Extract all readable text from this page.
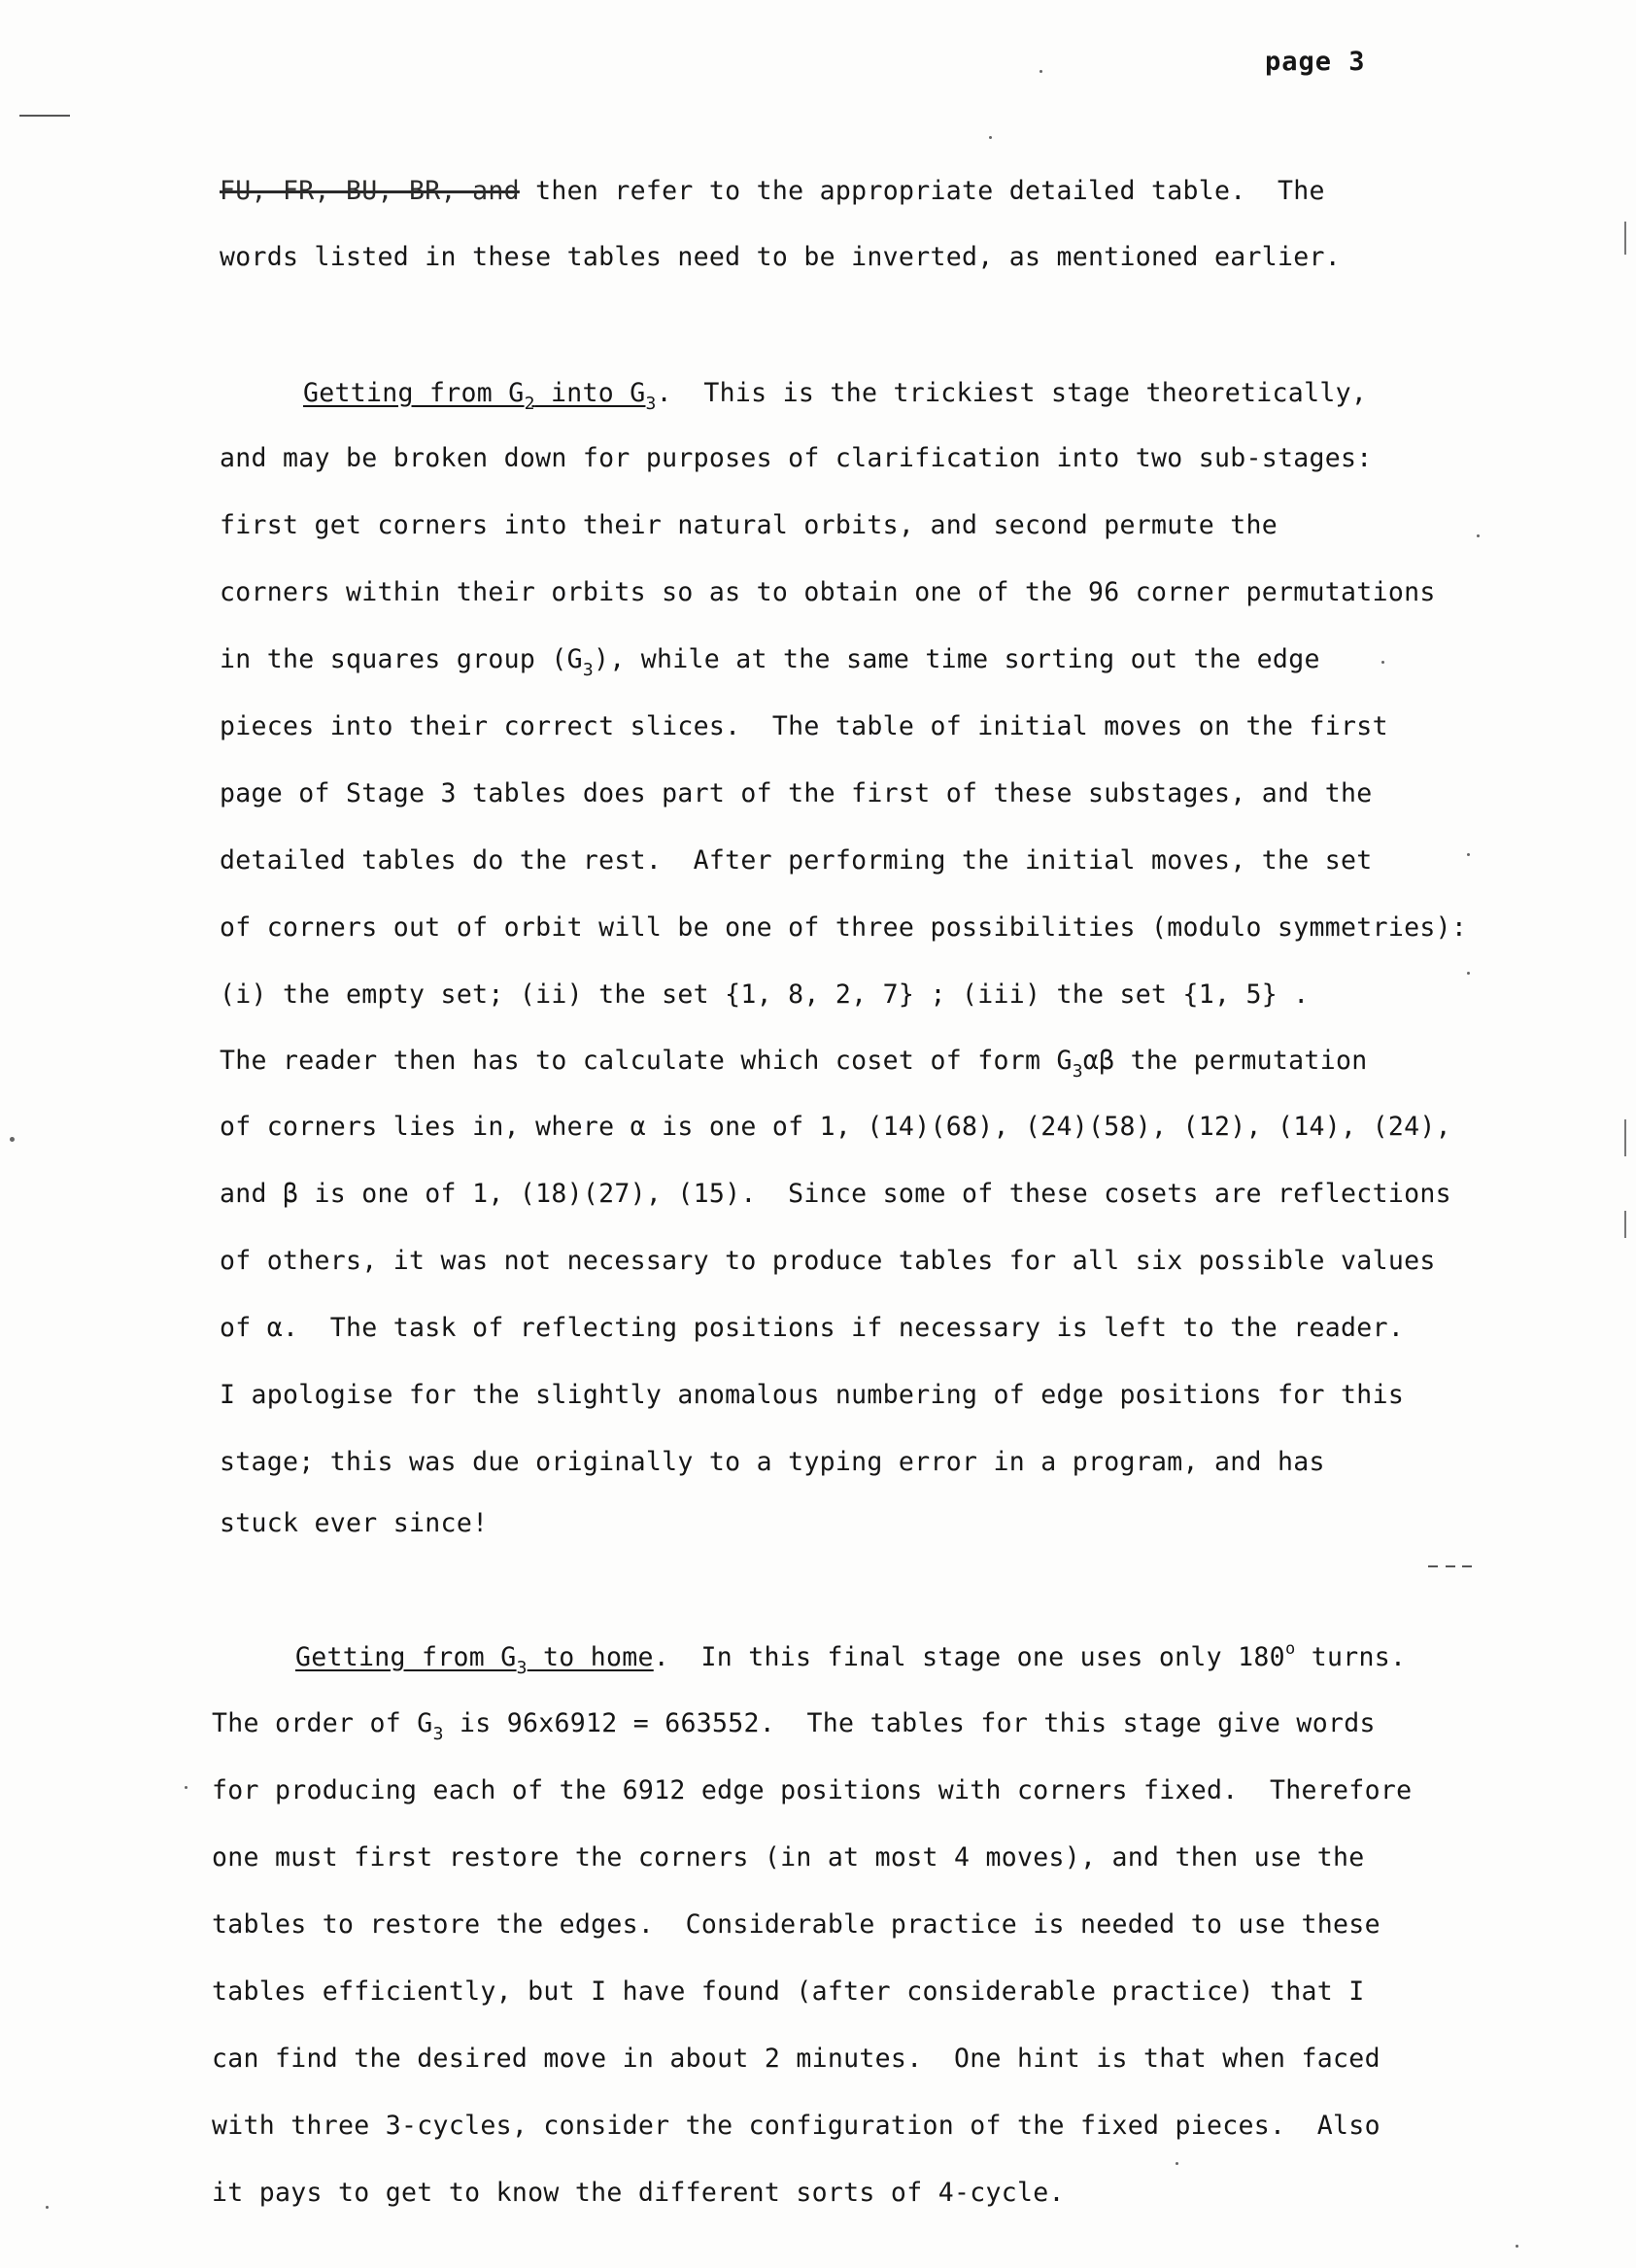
page 3
FU, FR, BU, BR, and then refer to the appropriate detailed table.  The
words listed in these tables need to be inverted, as mentioned earlier.
Getting from $G_2$ into $G_3$.  This is the trickiest stage theoretically,
and may be broken down for purposes of clarification into two sub-stages:
first get corners into their natural orbits, and second permute the
corners within their orbits so as to obtain one of the 96 corner permutations
in the squares group $(G_3)$, while at the same time sorting out the edge
pieces into their correct slices.  The table of initial moves on the first
page of Stage 3 tables does part of the first of these substages, and the
detailed tables do the rest.  After performing the initial moves, the set
of corners out of orbit will be one of three possibilities (modulo symmetries):
(i) the empty set; (ii) the set {1, 8, 2, 7} ; (iii) the set {1, 5} .
The reader then has to calculate which coset of form $G_3\alpha\beta$ the permutation
of corners lies in, where α is one of 1, (14)(68), (24)(58), (12), (14), (24),
and β is one of 1, (18)(27), (15).  Since some of these cosets are reflections
of others, it was not necessary to produce tables for all six possible values
of α.  The task of reflecting positions if necessary is left to the reader.
I apologise for the slightly anomalous numbering of edge positions for this
stage; this was due originally to a typing error in a program, and has
stuck ever since!
Getting from $G_3$ to home.  In this final stage one uses only 180$^o$ turns.
The order of $G_3$ is 96x6912 = 663552.  The tables for this stage give words
for producing each of the 6912 edge positions with corners fixed.  Therefore
one must first restore the corners (in at most 4 moves), and then use the
tables to restore the edges.  Considerable practice is needed to use these
tables efficiently, but I have found (after considerable practice) that I
can find the desired move in about 2 minutes.  One hint is that when faced
with three 3-cycles, consider the configuration of the fixed pieces.  Also
it pays to get to know the different sorts of 4-cycle.
